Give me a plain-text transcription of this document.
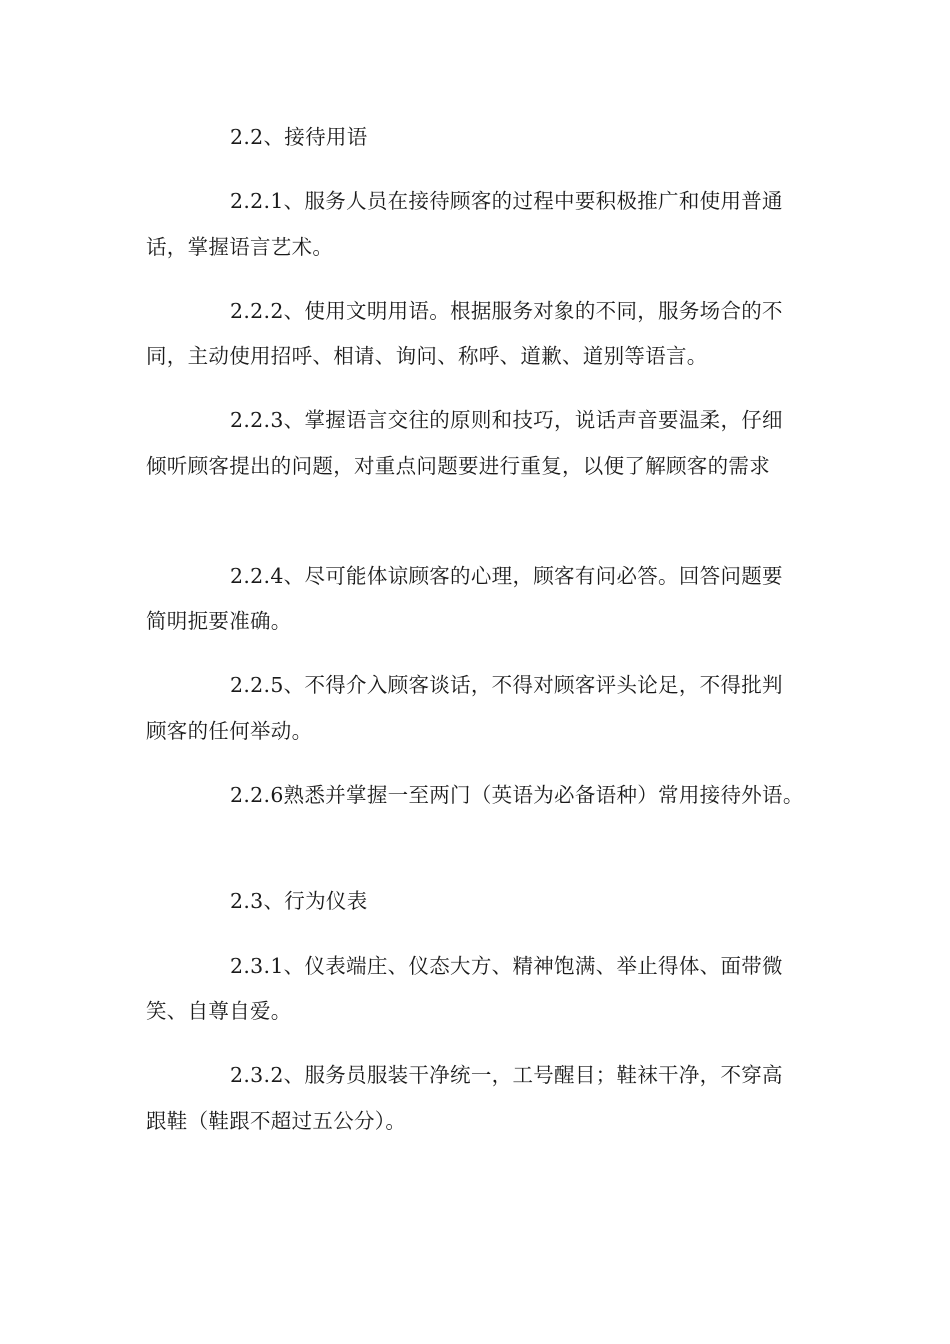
2.2、接待用语
2.2.1、服务人员在接待顾客的过程中要积极推广和使用普通
话，掌握语言艺术。
2.2.2、使用文明用语。根据服务对象的不同，服务场合的不
同，主动使用招呼、相请、询问、称呼、道歉、道别等语言。
2.2.3、掌握语言交往的原则和技巧，说话声音要温柔，仔细
倾听顾客提出的问题，对重点问题要进行重复，以便了解顾客的需求
2.2.4、尽可能体谅顾客的心理，顾客有问必答。回答问题要
简明扼要准确。
2.2.5、不得介入顾客谈话，不得对顾客评头论足，不得批判
顾客的任何举动。
2.2.6熟悉并掌握一至两门（英语为必备语种）常用接待外语。
2.3、行为仪表
2.3.1、仪表端庄、仪态大方、精神饱满、举止得体、面带微
笑、自尊自爱。
2.3.2、服务员服装干净统一，工号醒目；鞋袜干净，不穿高
跟鞋（鞋跟不超过五公分）。
